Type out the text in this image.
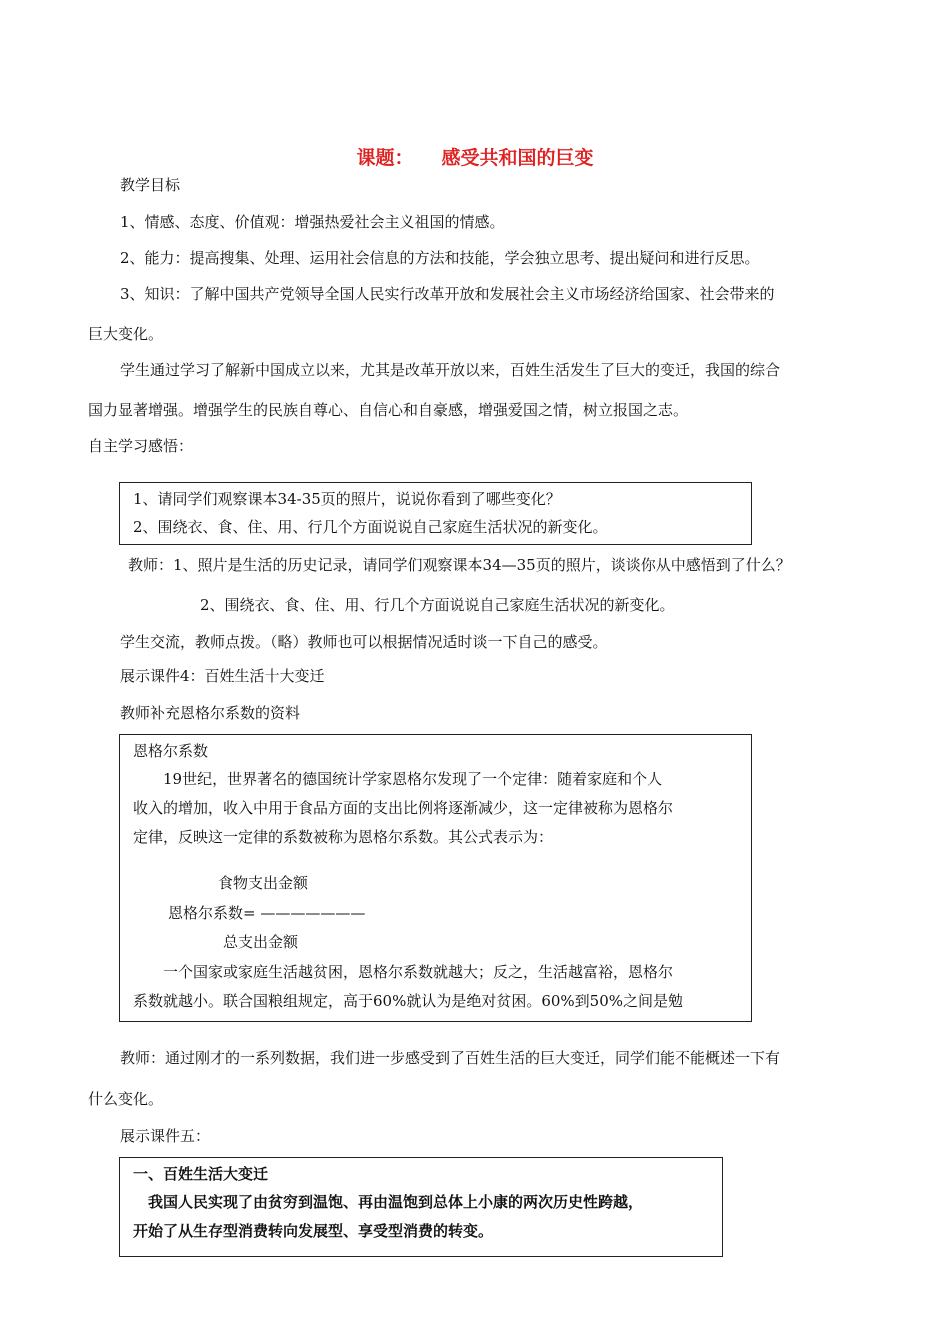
课题： 感受共和国的巨变
教学目标
1、情感、态度、价值观：增强热爱社会主义祖国的情感。
2、能力：提高搜集、处理、运用社会信息的方法和技能，学会独立思考、提出疑问和进行反思。
3、知识：了解中国共产党领导全国人民实行改革开放和发展社会主义市场经济给国家、社会带来的
巨大变化。
学生通过学习了解新中国成立以来，尤其是改革开放以来，百姓生活发生了巨大的变迁，我国的综合
国力显著增强。增强学生的民族自尊心、自信心和自豪感，增强爱国之情，树立报国之志。
自主学习感悟：
1、请同学们观察课本34-35页的照片，说说你看到了哪些变化？
2、围绕衣、食、住、用、行几个方面说说自己家庭生活状况的新变化。
教师：1、照片是生活的历史记录，请同学们观察课本34—35页的照片，谈谈你从中感悟到了什么？
2、围绕衣、食、住、用、行几个方面说说自己家庭生活状况的新变化。
学生交流，教师点拨。（略）教师也可以根据情况适时谈一下自己的感受。
展示课件4：百姓生活十大变迁
教师补充恩格尔系数的资料
恩格尔系数
19世纪，世界著名的德国统计学家恩格尔发现了一个定律：随着家庭和个人
收入的增加，收入中用于食品方面的支出比例将逐渐减少，这一定律被称为恩格尔
定律，反映这一定律的系数被称为恩格尔系数。其公式表示为：
食物支出金额
恩格尔系数= ———————
总支出金额
一个国家或家庭生活越贫困，恩格尔系数就越大；反之，生活越富裕，恩格尔
系数就越小。联合国粮组规定，高于60%就认为是绝对贫困。60%到50%之间是勉
教师：通过刚才的一系列数据，我们进一步感受到了百姓生活的巨大变迁，同学们能不能概述一下有
什么变化。
展示课件五：
一、百姓生活大变迁
我国人民实现了由贫穷到温饱、再由温饱到总体上小康的两次历史性跨越，
开始了从生存型消费转向发展型、享受型消费的转变。
